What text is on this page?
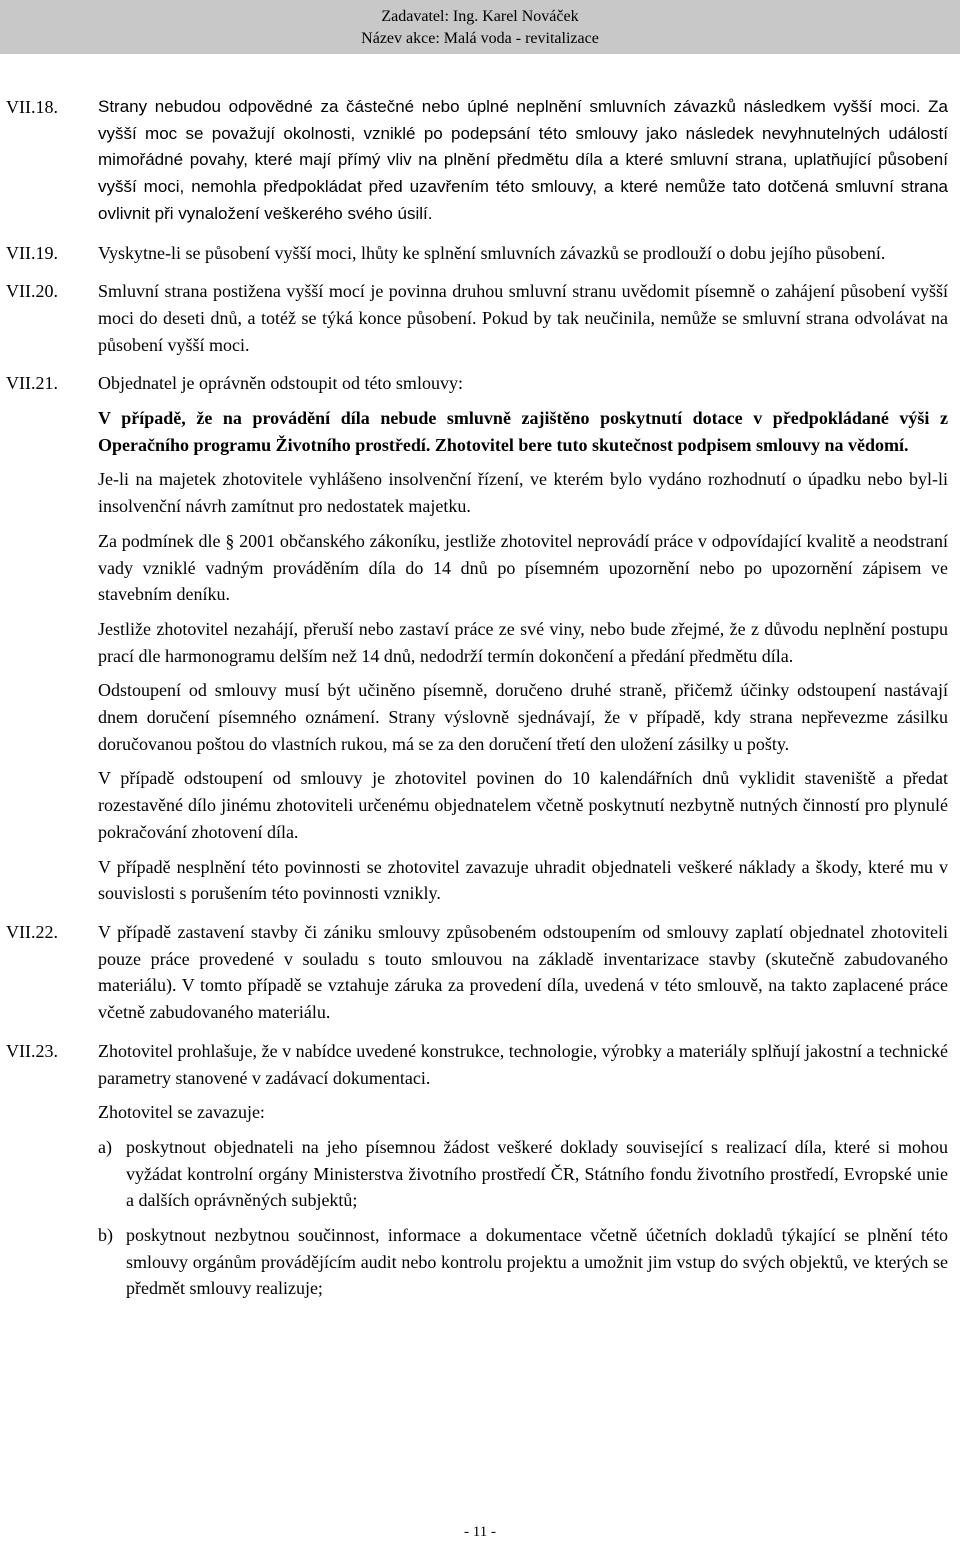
Zadavatel: Ing. Karel Nováček
Název akce: Malá voda - revitalizace
VII.18. Strany nebudou odpovědné za částečné nebo úplné neplnění smluvních závazků následkem vyšší moci. Za vyšší moc se považují okolnosti, vzniklé po podepsání této smlouvy jako následek nevyhnutelných událostí mimořádné povahy, které mají přímý vliv na plnění předmětu díla a které smluvní strana, uplatňující působení vyšší moci, nemohla předpokládat před uzavřením této smlouvy, a které nemůže tato dotčená smluvní strana ovlivnit při vynaložení veškerého svého úsilí.

VII.19. Vyskytne-li se působení vyšší moci, lhůty ke splnění smluvních závazků se prodlouží o dobu jejího působení.

VII.20. Smluvní strana postižena vyšší mocí je povinna druhou smluvní stranu uvědomit písemně o zahájení působení vyšší moci do deseti dnů, a totéž se týká konce působení. Pokud by tak neučinila, nemůže se smluvní strana odvolávat na působení vyšší moci.

VII.21. Objednatel je oprávněn odstoupit od této smlouvy:

V případě, že na provádění díla nebude smluvně zajištěno poskytnutí dotace v předpokládané výši z Operačního programu Životního prostředí. Zhotovitel bere tuto skutečnost podpisem smlouvy na vědomí.

Je-li na majetek zhotovitele vyhlášeno insolvenční řízení, ve kterém bylo vydáno rozhodnutí o úpadku nebo byl-li insolvenční návrh zamítnut pro nedostatek majetku.

Za podmínek dle § 2001 občanského zákoníku, jestliže zhotovitel neprovádí práce v odpovídající kvalitě a neodstraní vady vzniklé vadným prováděním díla do 14 dnů po písemném upozornění nebo po upozornění zápisem ve stavebním deníku.

Jestliže zhotovitel nezahájí, přeruší nebo zastaví práce ze své viny, nebo bude zřejmé, že z důvodu neplnění postupu prací dle harmonogramu delším než 14 dnů, nedodrží termín dokončení a předání předmětu díla.

Odstoupení od smlouvy musí být učiněno písemně, doručeno druhé straně, přičemž účinky odstoupení nastávají dnem doručení písemného oznámení. Strany výslovně sjednávají, že v případě, kdy strana nepřevezme zásilku doručovanou poštou do vlastních rukou, má se za den doručení třetí den uložení zásilky u pošty.

V případě odstoupení od smlouvy je zhotovitel povinen do 10 kalendářních dnů vyklidit staveniště a předat rozestavěné dílo jinému zhotoviteli určenému objednatelem včetně poskytnutí nezbytně nutných činností pro plynulé pokračování zhotovení díla.

V případě nesplnění této povinnosti se zhotovitel zavazuje uhradit objednateli veškeré náklady a škody, které mu v souvislosti s porušením této povinnosti vznikly.

VII.22. V případě zastavení stavby či zániku smlouvy způsobeném odstoupením od smlouvy zaplatí objednatel zhotoviteli pouze práce provedené v souladu s touto smlouvou na základě inventarizace stavby (skutečně zabudovaného materiálu). V tomto případě se vztahuje záruka za provedení díla, uvedená v této smlouvě, na takto zaplacené práce včetně zabudovaného materiálu.

VII.23. Zhotovitel prohlašuje, že v nabídce uvedené konstrukce, technologie, výrobky a materiály splňují jakostní a technické parametry stanovené v zadávací dokumentaci.

Zhotovitel se zavazuje:

a) poskytnout objednateli na jeho písemnou žádost veškeré doklady související s realizací díla, které si mohou vyžádat kontrolní orgány Ministerstva životního prostředí ČR, Státního fondu životního prostředí, Evropské unie a dalších oprávněných subjektů;

b) poskytnout nezbytnou součinnost, informace a dokumentace včetně účetních dokladů týkající se plnění této smlouvy orgánům provádějícím audit nebo kontrolu projektu a umožnit jim vstup do svých objektů, ve kterých se předmět smlouvy realizuje;

- 11 -
